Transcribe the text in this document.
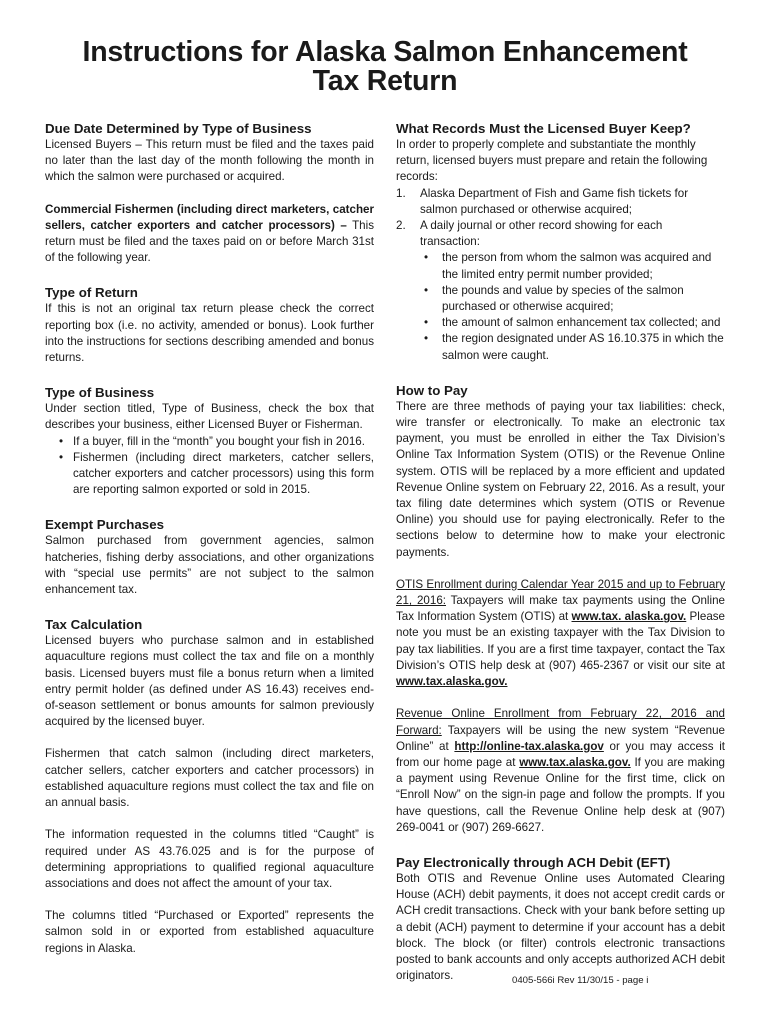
Instructions for Alaska Salmon Enhancement
Tax Return
Due Date Determined by Type of Business

Licensed Buyers – This return must be filed and the taxes paid no later than the last day of the month following the month in which the salmon were purchased or acquired.

Commercial Fishermen (including direct marketers, catcher sellers, catcher exporters and catcher processors) – This return must be filed and the taxes paid on or before March 31st of the following year.

Type of Return

If this is not an original tax return please check the correct reporting box (i.e. no activity, amended or bonus). Look further into the instructions for sections describing amended and bonus returns.

Type of Business

Under section titled, Type of Business, check the box that describes your business, either Licensed Buyer or Fisherman.

• If a buyer, fill in the “month” you bought your fish in 2016.
• Fishermen (including direct marketers, catcher sellers, catcher exporters and catcher processors) using this form are reporting salmon exported or sold in 2015.
Exempt Purchases

Salmon purchased from government agencies, salmon hatcheries, fishing derby associations, and other organizations with “special use permits” are not subject to the salmon enhancement tax.

Tax Calculation

Licensed buyers who purchase salmon and in established aquaculture regions must collect the tax and file on a monthly basis. Licensed buyers must file a bonus return when a limited entry permit holder (as defined under AS 16.43) receives end-of-season settlement or bonus amounts for salmon previously acquired by the licensed buyer.

Fishermen that catch salmon (including direct marketers, catcher sellers, catcher exporters and catcher processors) in established aquaculture regions must collect the tax and file on an annual basis.

The information requested in the columns titled “Caught” is required under AS 43.76.025 and is for the purpose of determining appropriations to qualified regional aquaculture associations and does not affect the amount of your tax.

The columns titled “Purchased or Exported” represents the salmon sold in or exported from established aquaculture regions in Alaska.

What Records Must the Licensed Buyer Keep?

In order to properly complete and substantiate the monthly return, licensed buyers must prepare and retain the following records:

1. Alaska Department of Fish and Game fish tickets for salmon purchased or otherwise acquired;
2. A daily journal or other record showing for each transaction:
• the person from whom the salmon was acquired and the limited entry permit number provided;
• the pounds and value by species of the salmon purchased or otherwise acquired;
• the amount of salmon enhancement tax collected; and
• the region designated under AS 16.10.375 in which the salmon were caught.
How to Pay

There are three methods of paying your tax liabilities: check, wire transfer or electronically. To make an electronic tax payment, you must be enrolled in either the Tax Division’s Online Tax Information System (OTIS) or the Revenue Online system. OTIS will be replaced by a more efficient and updated Revenue Online system on February 22, 2016. As a result, your tax filing date determines which system (OTIS or Revenue Online) you should use for paying electronically. Refer to the sections below to determine how to make your electronic payments.

OTIS Enrollment during Calendar Year 2015 and up to February 21, 2016: Taxpayers will make tax payments using the Online Tax Information System (OTIS) at www.tax. alaska.gov. Please note you must be an existing taxpayer with the Tax Division to pay tax liabilities. If you are a first time taxpayer, contact the Tax Division’s OTIS help desk at (907) 465-2367 or visit our site at www.tax.alaska.gov.

Revenue Online Enrollment from February 22, 2016 and Forward: Taxpayers will be using the new system “Revenue Online” at http://online-tax.alaska.gov or you may access it from our home page at www.tax.alaska.gov. If you are making a payment using Revenue Online for the first time, click on “Enroll Now” on the sign-in page and follow the prompts. If you have questions, call the Revenue Online help desk at (907) 269-0041 or (907) 269-6627.

Pay Electronically through ACH Debit (EFT)

Both OTIS and Revenue Online uses Automated Clearing House (ACH) debit payments, it does not accept credit cards or ACH credit transactions. Check with your bank before setting up a debit (ACH) payment to determine if your account has a debit block. The block (or filter) controls electronic transactions posted to bank accounts and only accepts authorized ACH debit originators.	0405-566i Rev 11/30/15 - page i
